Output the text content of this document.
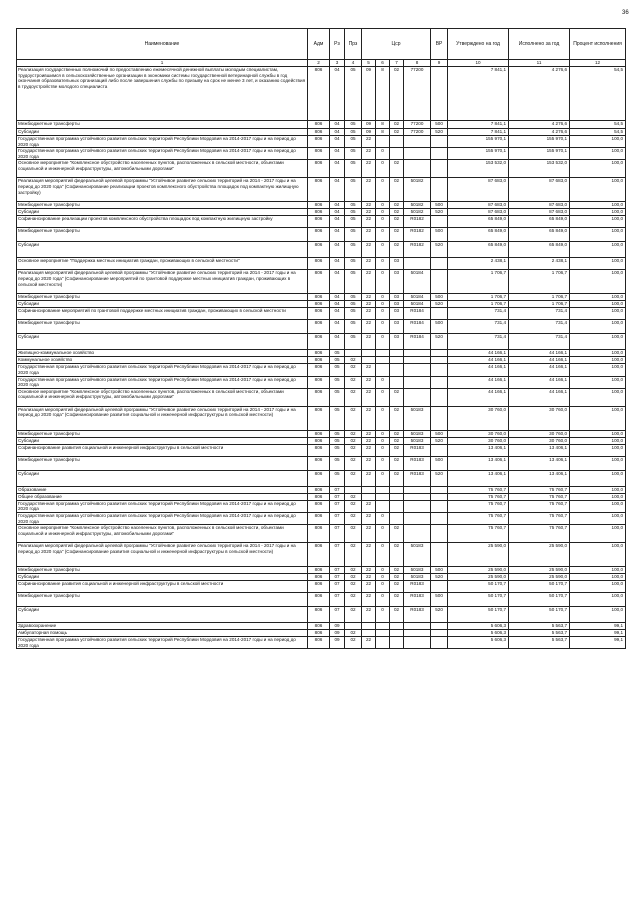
36
Наименование	Адм	Рз	Прз	Цср				ВР	Утверждено на год	Исполнено за год	Процент исполнения
1	2	3	4	5	6	7	8	9	10	11	12
Реализация государственных полномочий по предоставлению ежемесячной денежной выплаты молодым специалистам, трудоустроившимся в сельскохозяйственные организации в экономики системы государственной ветеринарной службы в год окончания образовательных организаций либо после завершения службы по призыву на срок не менее 3 лет, и оказанию содействия в трудоустройстве молодого специалиста	806	04	05	09	8	02	77200		7 841,1	4 276,6	54,5
Межбюджетные трансферты	806	04	05	09	8	02	77200	500	7 841,1	4 276,6	54,5
Субсидии	806	04	05	09	8	02	77200	520	7 841,1	4 276,6	54,5
Государственная программа устойчивого развития сельских территорий Республики Мордовия на 2014-2017 годы и на период до 2020 года	806	04	05	22					155 970,1	155 970,1	100,0
Государственная программа устойчивого развития сельских территорий Республики Мордовия на 2014-2017 годы и на период до 2020 года	806	04	05	22	0				155 970,1	155 970,1	100,0
Основное мероприятие "Комплексное обустройство населенных пунктов, расположенных в сельской местности, объектами социальной и инженерной инфраструктуры, автомобильными дорогами"	806	04	05	22	0	02			153 532,0	153 532,0	100,0
Реализация мероприятий федеральной целевой программы "Устойчивое развитие сельских территорий на 2014 - 2017 годы и на период до 2020 года" (Софинансирование реализации проектов комплексного обустройства площадок под компактную жилищную застройку)	806	04	05	22	0	02	50182		87 683,0	87 683,0	100,0
Межбюджетные трансферты	806	04	05	22	0	02	50182	500	87 683,0	87 683,0	100,0
Субсидии	806	04	05	22	0	02	50182	520	87 683,0	87 683,0	100,0
Софинансирование реализации проектов комплексного обустройства площадок под компактную жилищную застройку	806	04	05	22	0	02	R0182		65 849,0	65 849,0	100,0
Межбюджетные трансферты	806	04	05	22	0	02	R0182	500	65 849,0	65 849,0	100,0
Субсидии	806	04	05	22	0	02	R0182	520	65 849,0	65 849,0	100,0
Основное мероприятие "Поддержка местных инициатив граждан, проживающих в сельской местности"	806	04	05	22	0	03			2 438,1	2 438,1	100,0
Реализация мероприятий федеральной целевой программы "Устойчивое развитие сельских территорий на 2014 - 2017 годы и на период до 2020 года" (Софинансирование мероприятий по грантовой поддержке местных инициатив граждан, проживающих в сельской местности)	806	04	05	22	0	03	50184		1 706,7	1 706,7	100,0
Межбюджетные трансферты	806	04	05	22	0	03	50184	500	1 706,7	1 706,7	100,0
Субсидии	806	04	05	22	0	03	50184	520	1 706,7	1 706,7	100,0
Софинансирование мероприятий по грантовой поддержке местных инициатив граждан, проживающих в сельской местности	806	04	05	22	0	03	R0184		731,4	731,4	100,0
Межбюджетные трансферты	806	04	05	22	0	03	R0184	500	731,4	731,4	100,0
Субсидии	806	04	05	22	0	03	R0184	520	731,4	731,4	100,0
Жилищно-коммунальное хозяйство	806	05							44 166,1	44 166,1	100,0
Коммунальное хозяйство	806	05	02						44 166,1	44 166,1	100,0
Государственная программа устойчивого развития сельских территорий Республики Мордовия на 2014-2017 годы и на период до 2020 года	806	05	02	22					44 166,1	44 166,1	100,0
Государственная программа устойчивого развития сельских территорий Республики Мордовия на 2014-2017 годы и на период до 2020 года	806	05	02	22	0				44 166,1	44 166,1	100,0
Основное мероприятие "Комплексное обустройство населенных пунктов, расположенных в сельской местности, объектами социальной и инженерной инфраструктуры, автомобильными дорогами"	806	05	02	22	0	02			44 166,1	44 166,1	100,0
Реализация мероприятий федеральной целевой программы "Устойчивое развитие сельских территорий на 2014 - 2017 годы и на период до 2020 года" (Софинансирование развития социальной и инженерной инфраструктуры в сельской местности)	806	05	02	22	0	02	50183		30 760,0	30 760,0	100,0
Межбюджетные трансферты	806	05	02	22	0	02	50183	500	30 760,0	30 760,0	100,0
Субсидии	806	05	02	22	0	02	50183	520	30 760,0	30 760,0	100,0
Софинансирование развития социальной и инженерной инфраструктуры в сельской местности	806	05	02	22	0	02	R0183		13 406,1	13 406,1	100,0
Межбюджетные трансферты	806	05	02	22	0	02	R0183	500	13 406,1	13 406,1	100,0
Субсидии	806	05	02	22	0	02	R0183	520	13 406,1	13 406,1	100,0
Образование	806	07							75 760,7	75 760,7	100,0
Общее образование	806	07	02						75 760,7	75 760,7	100,0
Государственная программа устойчивого развития сельских территорий Республики Мордовия на 2014-2017 годы и на период до 2020 года	806	07	02	22					75 760,7	75 760,7	100,0
Государственная программа устойчивого развития сельских территорий Республики Мордовия на 2014-2017 годы и на период до 2020 года	806	07	02	22	0				75 760,7	75 760,7	100,0
Основное мероприятие "Комплексное обустройство населенных пунктов, расположенных в сельской местности, объектами социальной и инженерной инфраструктуры, автомобильными дорогами"	806	07	02	22	0	02			75 760,7	75 760,7	100,0
Реализация мероприятий федеральной целевой программы "Устойчивое развитие сельских территорий на 2014 - 2017 годы и на период до 2020 года" (Софинансирование развития социальной и инженерной инфраструктуры в сельской местности)	806	07	02	22	0	02	50183		25 590,0	25 590,0	100,0
Межбюджетные трансферты	806	07	02	22	0	02	50183	500	25 590,0	25 590,0	100,0
Субсидии	806	07	02	22	0	02	50183	520	25 590,0	25 590,0	100,0
Софинансирование развития социальной и инженерной инфраструктуры в сельской местности	806	07	02	22	0	02	R0183		50 170,7	50 170,7	100,0
Межбюджетные трансферты	806	07	02	22	0	02	R0183	500	50 170,7	50 170,7	100,0
Субсидии	806	07	02	22	0	02	R0183	520	50 170,7	50 170,7	100,0
Здравоохранение	806	09							5 606,3	5 563,7	99,1
Амбулаторная помощь	806	09	02						5 606,3	5 563,7	99,1
Государственная программа устойчивого развития сельских территорий Республики Мордовия на 2014-2017 годы и на период до 2020 года	806	09	02	22					5 606,3	5 563,7	99,1
